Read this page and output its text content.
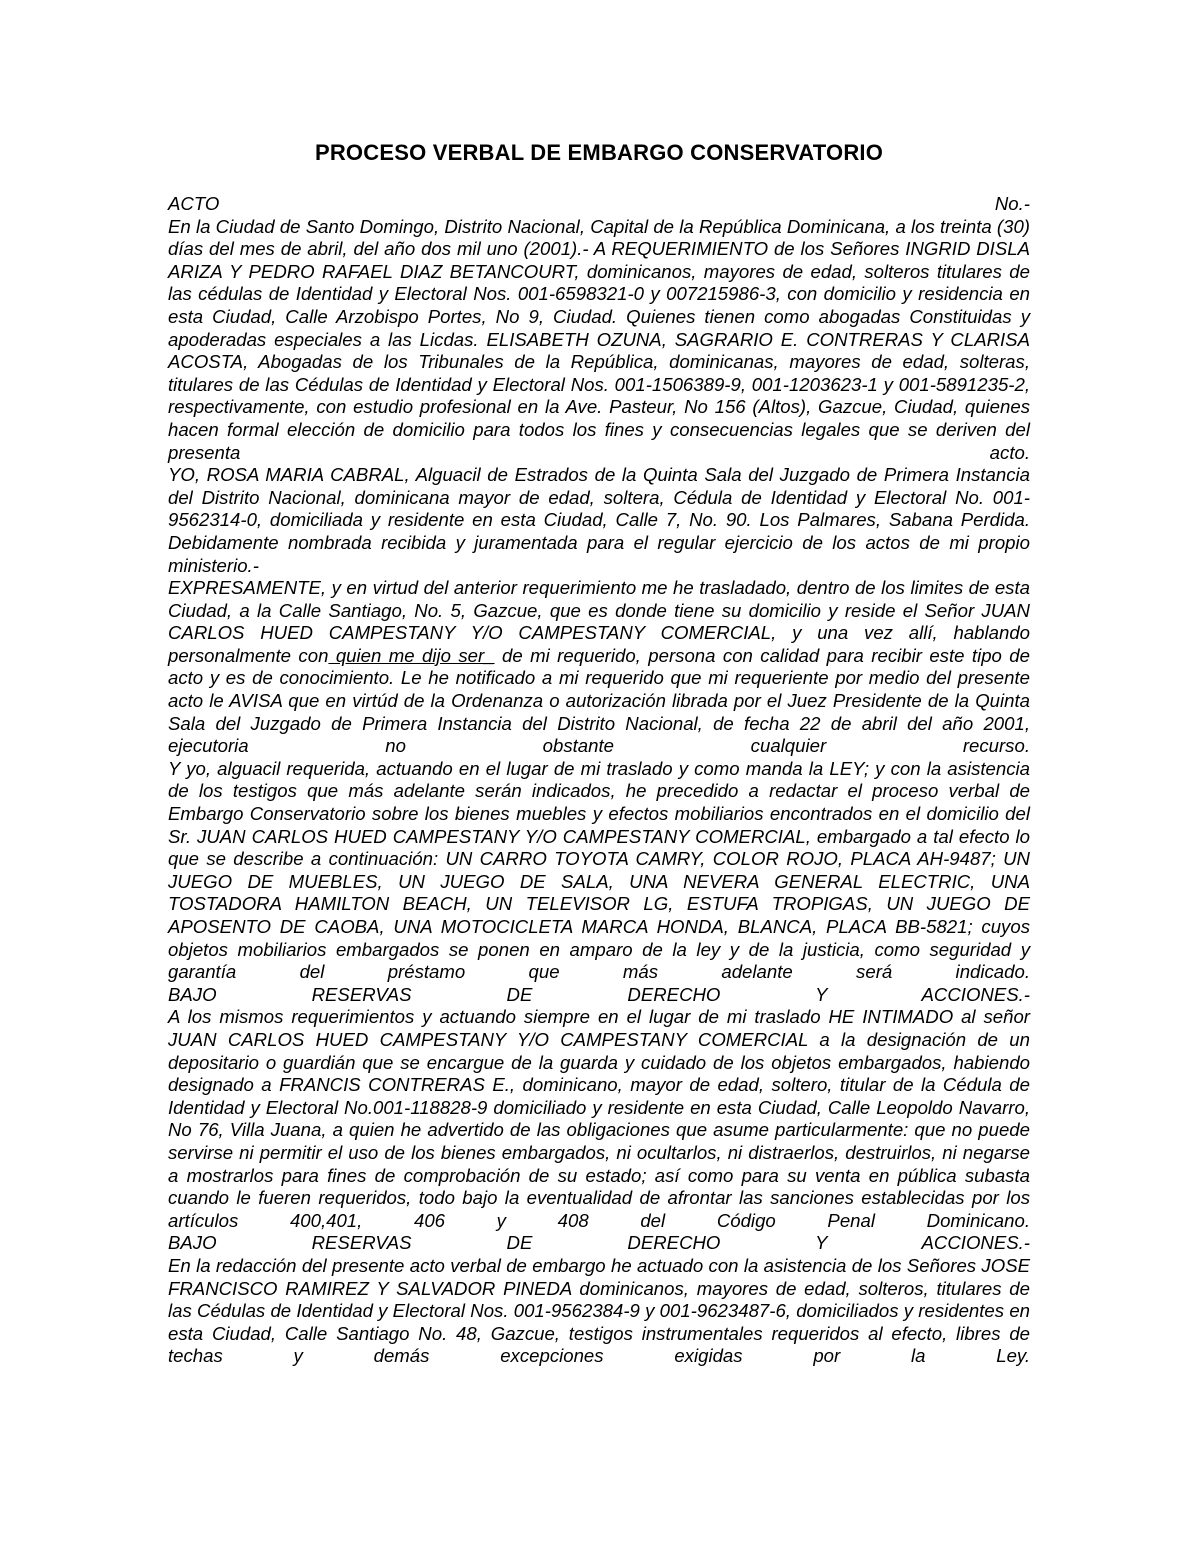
PROCESO VERBAL DE EMBARGO CONSERVATORIO
ACTO	No.-
En la Ciudad de Santo Domingo, Distrito Nacional, Capital de la República Dominicana, a los treinta (30) días del mes de abril, del año dos mil uno (2001).- A REQUERIMIENTO de los Señores INGRID DISLA ARIZA Y PEDRO RAFAEL DIAZ BETANCOURT, dominicanos, mayores de edad, solteros titulares de las cédulas de Identidad y Electoral Nos. 001-6598321-0 y 007215986-3, con domicilio y residencia en esta Ciudad, Calle Arzobispo Portes, No 9, Ciudad. Quienes tienen como abogadas Constituidas y apoderadas especiales a las Licdas. ELISABETH OZUNA, SAGRARIO E. CONTRERAS Y CLARISA ACOSTA, Abogadas de los Tribunales de la República, dominicanas, mayores de edad, solteras, titulares de las Cédulas de Identidad y Electoral Nos. 001-1506389-9, 001-1203623-1 y 001-5891235-2, respectivamente, con estudio profesional en la Ave. Pasteur, No 156 (Altos), Gazcue, Ciudad, quienes hacen formal elección de domicilio para todos los fines y consecuencias legales que se deriven del presenta acto.
YO, ROSA MARIA CABRAL, Alguacil de Estrados de la Quinta Sala del Juzgado de Primera Instancia del Distrito Nacional, dominicana mayor de edad, soltera, Cédula de Identidad y Electoral No. 001-9562314-0, domiciliada y residente en esta Ciudad, Calle 7, No. 90. Los Palmares, Sabana Perdida. Debidamente nombrada recibida y juramentada para el regular ejercicio de los actos de mi propio ministerio.-
EXPRESAMENTE, y en virtud del anterior requerimiento me he trasladado, dentro de los limites de esta Ciudad, a la Calle Santiago, No. 5, Gazcue, que es donde tiene su domicilio y reside el Señor JUAN CARLOS HUED CAMPESTANY Y/O CAMPESTANY COMERCIAL, y una vez allí, hablando personalmente con quien me dijo ser_ de mi requerido, persona con calidad para recibir este tipo de acto y es de conocimiento. Le he notificado a mi requerido que mi requeriente por medio del presente acto le AVISA que en virtúd de la Ordenanza o autorización librada por el Juez Presidente de la Quinta Sala del Juzgado de Primera Instancia del Distrito Nacional, de fecha 22 de abril del año 2001, ejecutoria no obstante cualquier recurso.
Y yo, alguacil requerida, actuando en el lugar de mi traslado y como manda la LEY; y con la asistencia de los testigos que más adelante serán indicados, he precedido a redactar el proceso verbal de Embargo Conservatorio sobre los bienes muebles y efectos mobiliarios encontrados en el domicilio del Sr. JUAN CARLOS HUED CAMPESTANY Y/O CAMPESTANY COMERCIAL, embargado a tal efecto lo que se describe a continuación: UN CARRO TOYOTA CAMRY, COLOR ROJO, PLACA AH-9487; UN JUEGO DE MUEBLES, UN JUEGO DE SALA, UNA NEVERA GENERAL ELECTRIC, UNA TOSTADORA HAMILTON BEACH, UN TELEVISOR LG, ESTUFA TROPIGAS, UN JUEGO DE APOSENTO DE CAOBA, UNA MOTOCICLETA MARCA HONDA, BLANCA, PLACA BB-5821; cuyos objetos mobiliarios embargados se ponen en amparo de la ley y de la justicia, como seguridad y garantía del préstamo que más adelante será indicado.
BAJO RESERVAS DE DERECHO Y ACCIONES.-
A los mismos requerimientos y actuando siempre en el lugar de mi traslado HE INTIMADO al señor JUAN CARLOS HUED CAMPESTANY Y/O CAMPESTANY COMERCIAL a la designación de un depositario o guardián que se encargue de la guarda y cuidado de los objetos embargados, habiendo designado a FRANCIS CONTRERAS E., dominicano, mayor de edad, soltero, titular de la Cédula de Identidad y Electoral No.001-118828-9 domiciliado y residente en esta Ciudad, Calle Leopoldo Navarro, No 76, Villa Juana, a quien he advertido de las obligaciones que asume particularmente: que no puede servirse ni permitir el uso de los bienes embargados, ni ocultarlos, ni distraerlos, destruirlos, ni negarse a mostrarlos para fines de comprobación de su estado; así como para su venta en pública subasta cuando le fueren requeridos, todo bajo la eventualidad de afrontar las sanciones establecidas por los artículos 400,401, 406 y 408 del Código Penal Dominicano.
BAJO RESERVAS DE DERECHO Y ACCIONES.-
En la redacción del presente acto verbal de embargo he actuado con la asistencia de los Señores JOSE FRANCISCO RAMIREZ Y SALVADOR PINEDA dominicanos, mayores de edad, solteros, titulares de las Cédulas de Identidad y Electoral Nos. 001-9562384-9 y 001-9623487-6, domiciliados y residentes en esta Ciudad, Calle Santiago No. 48, Gazcue, testigos instrumentales requeridos al efecto, libres de techas y demás excepciones exigidas por la Ley.
